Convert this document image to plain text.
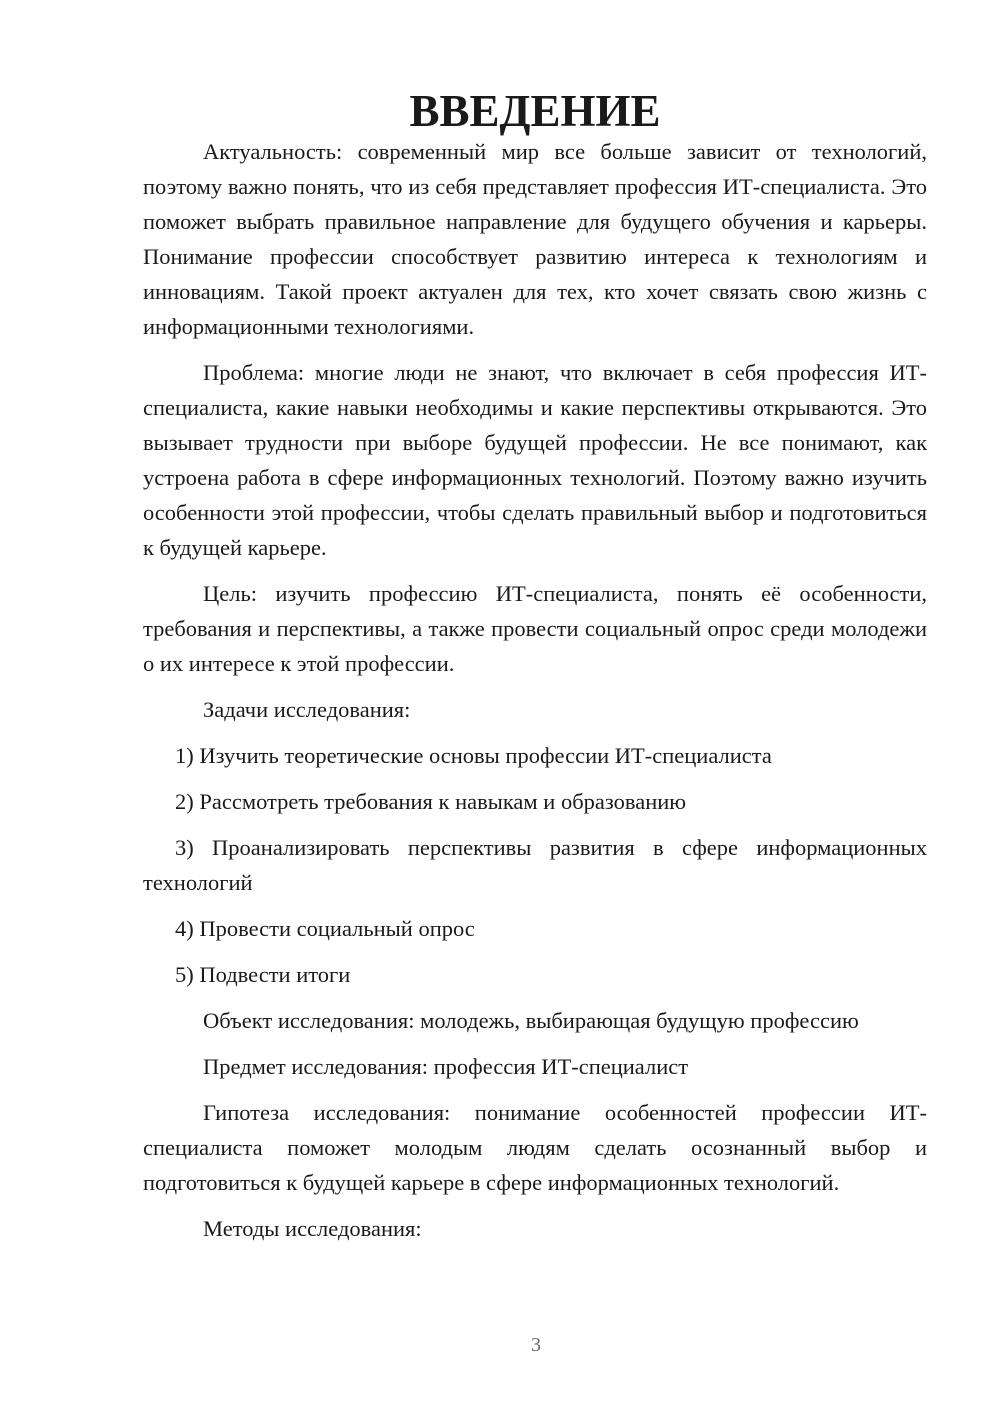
ВВЕДЕНИЕ

Актуальность: современный мир все больше зависит от технологий, поэтому важно понять, что из себя представляет профессия ИТ-специалиста. Это поможет выбрать правильное направление для будущего обучения и карьеры. Понимание профессии способствует развитию интереса к технологиям и инновациям. Такой проект актуален для тех, кто хочет связать свою жизнь с информационными технологиями.

Проблема: многие люди не знают, что включает в себя профессия ИТ-специалиста, какие навыки необходимы и какие перспективы открываются. Это вызывает трудности при выборе будущей профессии. Не все понимают, как устроена работа в сфере информационных технологий. Поэтому важно изучить особенности этой профессии, чтобы сделать правильный выбор и подготовиться к будущей карьере.

Цель: изучить профессию ИТ-специалиста, понять её особенности, требования и перспективы, а также провести социальный опрос среди молодежи о их интересе к этой профессии.

Задачи исследования:

1) Изучить теоретические основы профессии ИТ-специалиста

2) Рассмотреть требования к навыкам и образованию

3) Проанализировать перспективы развития в сфере информационных технологий

4) Провести социальный опрос

5) Подвести итоги

Объект исследования: молодежь, выбирающая будущую профессию

Предмет исследования: профессия ИТ-специалист

Гипотеза исследования: понимание особенностей профессии ИТ-специалиста поможет молодым людям сделать осознанный выбор и подготовиться к будущей карьере в сфере информационных технологий.

Методы исследования:

3
